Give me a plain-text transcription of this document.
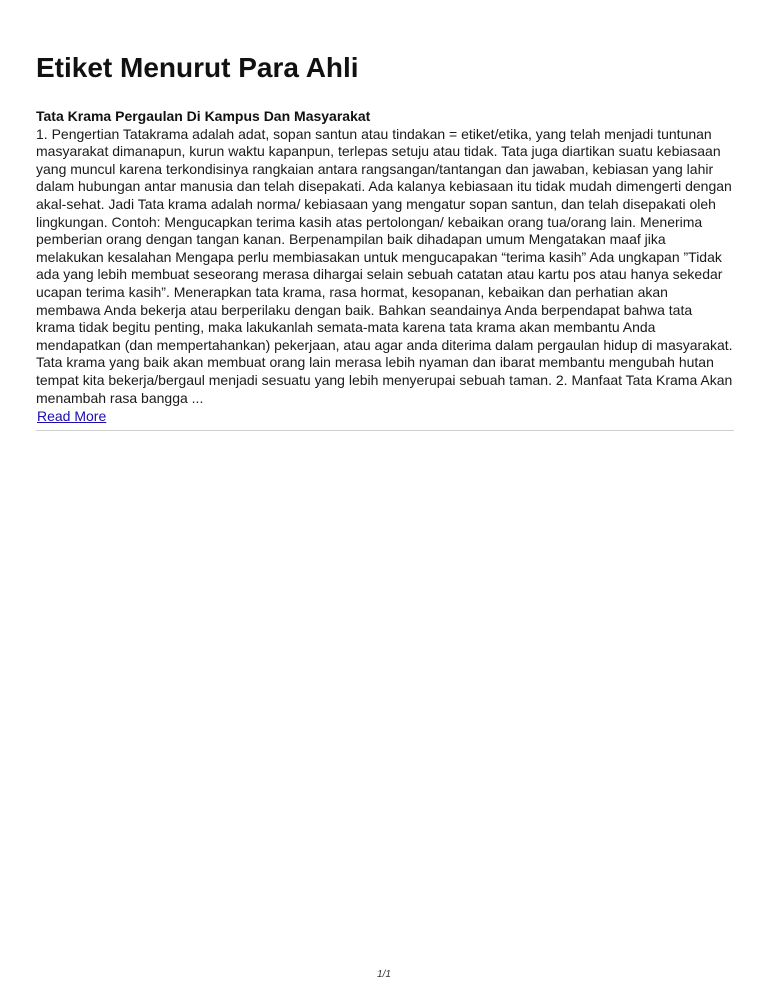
Etiket Menurut Para Ahli

Tata Krama Pergaulan Di Kampus Dan Masyarakat

1. Pengertian Tatakrama adalah adat, sopan santun atau tindakan = etiket/etika, yang telah menjadi tuntunan masyarakat dimanapun, kurun waktu kapanpun, terlepas setuju atau tidak. Tata juga diartikan suatu kebiasaan yang muncul karena terkondisinya rangkaian antara rangsangan/tantangan dan jawaban, kebiasan yang lahir dalam hubungan antar manusia dan telah disepakati. Ada kalanya kebiasaan itu tidak mudah dimengerti dengan akal-sehat. Jadi Tata krama adalah norma/ kebiasaan yang mengatur sopan santun, dan telah disepakati oleh lingkungan. Contoh: Mengucapkan terima kasih atas pertolongan/ kebaikan orang tua/orang lain. Menerima pemberian orang dengan tangan kanan. Berpenampilan baik dihadapan umum Mengatakan maaf jika melakukan kesalahan Mengapa perlu membiasakan untuk mengucapakan “terima kasih” Ada ungkapan ”Tidak ada yang lebih membuat seseorang merasa dihargai selain sebuah catatan atau kartu pos atau hanya sekedar ucapan terima kasih”. Menerapkan tata krama, rasa hormat, kesopanan, kebaikan dan perhatian akan membawa Anda bekerja atau berperilaku dengan baik. Bahkan seandainya Anda berpendapat bahwa tata krama tidak begitu penting, maka lakukanlah semata-mata karena tata krama akan membantu Anda mendapatkan (dan mempertahankan) pekerjaan, atau agar anda diterima dalam pergaulan hidup di masyarakat. Tata krama yang baik akan membuat orang lain merasa lebih nyaman dan ibarat membantu mengubah hutan tempat kita bekerja/bergaul menjadi sesuatu yang lebih menyerupai sebuah taman. 2. Manfaat Tata Krama Akan menambah rasa bangga ...

Read More
1/1
